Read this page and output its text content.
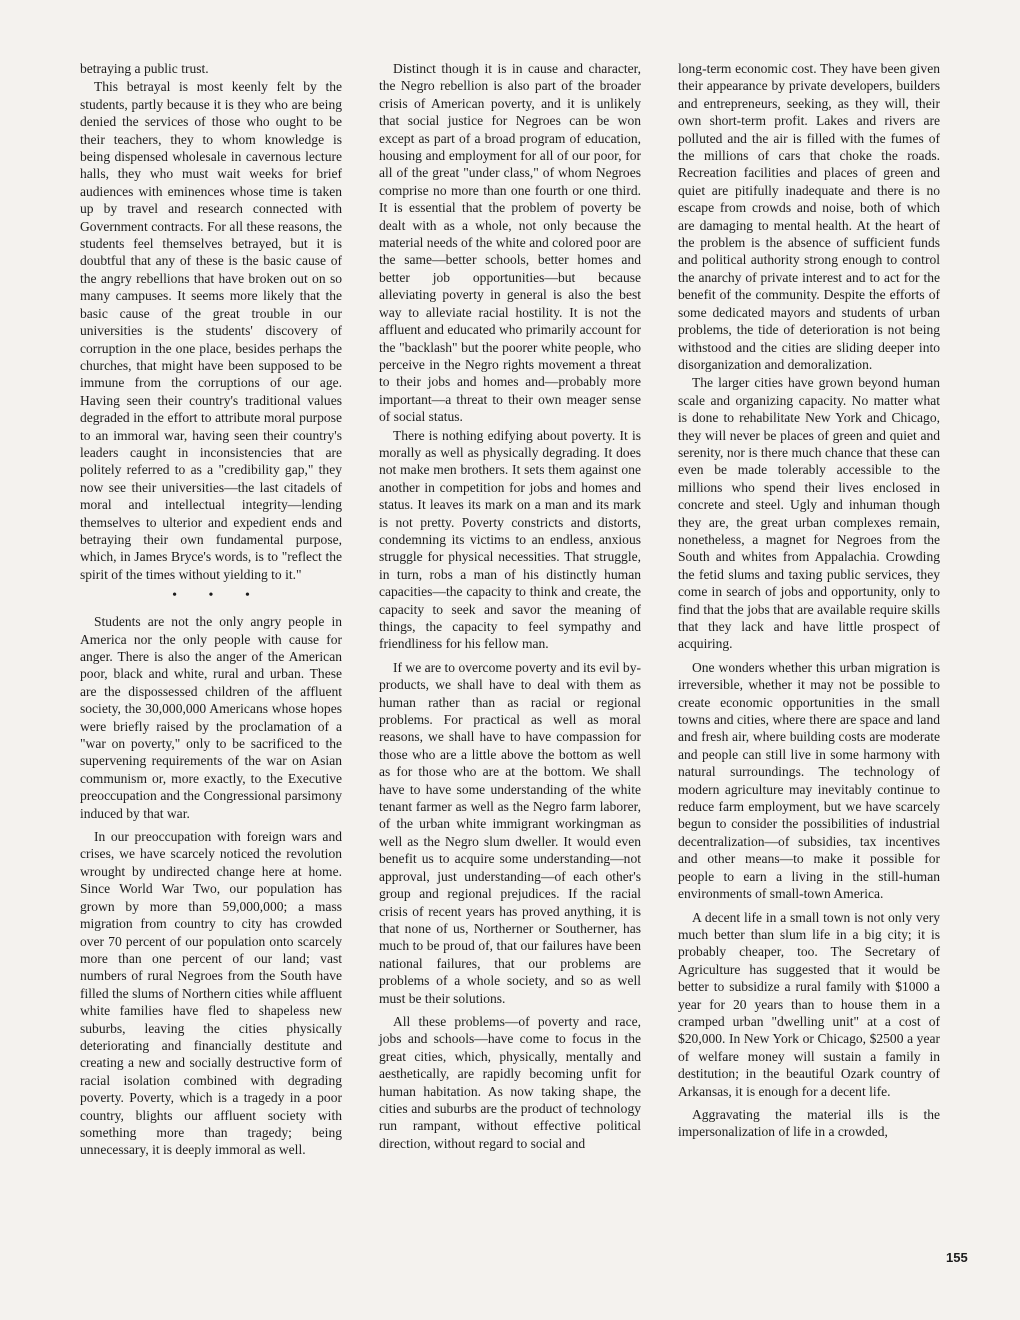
betraying a public trust.

This betrayal is most keenly felt by the students, partly because it is they who are being denied the services of those who ought to be their teachers, they to whom knowledge is being dispensed wholesale in cavernous lecture halls, they who must wait weeks for brief audiences with eminences whose time is taken up by travel and research connected with Government contracts. For all these reasons, the students feel themselves betrayed, but it is doubtful that any of these is the basic cause of the angry rebellions that have broken out on so many campuses. It seems more likely that the basic cause of the great trouble in our universities is the students' discovery of corruption in the one place, besides perhaps the churches, that might have been supposed to be immune from the corruptions of our age. Having seen their country's traditional values degraded in the effort to attribute moral purpose to an immoral war, having seen their country's leaders caught in inconsistencies that are politely referred to as a "credibility gap," they now see their universities—the last citadels of moral and intellectual integrity—lending themselves to ulterior and expedient ends and betraying their own fundamental purpose, which, in James Bryce's words, is to "reflect the spirit of the times without yielding to it."

• • •

Students are not the only angry people in America nor the only people with cause for anger. There is also the anger of the American poor, black and white, rural and urban. These are the dispossessed children of the affluent society, the 30,000,000 Americans whose hopes were briefly raised by the proclamation of a "war on poverty," only to be sacrificed to the supervening requirements of the war on Asian communism or, more exactly, to the Executive preoccupation and the Congressional parsimony induced by that war.

In our preoccupation with foreign wars and crises, we have scarcely noticed the revolution wrought by undirected change here at home. Since World War Two, our population has grown by more than 59,000,000; a mass migration from country to city has crowded over 70 percent of our population onto scarcely more than one percent of our land; vast numbers of rural Negroes from the South have filled the slums of Northern cities while affluent white families have fled to shapeless new suburbs, leaving the cities physically deteriorating and financially destitute and creating a new and socially destructive form of racial isolation combined with degrading poverty. Poverty, which is a tragedy in a poor country, blights our affluent society with something more than tragedy; being unnecessary, it is deeply immoral as well.

Distinct though it is in cause and character, the Negro rebellion is also part of the broader crisis of American poverty, and it is unlikely that social justice for Negroes can be won except as part of a broad program of education, housing and employment for all of our poor, for all of the great "under class," of whom Negroes comprise no more than one fourth or one third. It is essential that the problem of poverty be dealt with as a whole, not only because the material needs of the white and colored poor are the same—better schools, better homes and better job opportunities—but because alleviating poverty in general is also the best way to alleviate racial hostility. It is not the affluent and educated who primarily account for the "backlash" but the poorer white people, who perceive in the Negro rights movement a threat to their jobs and homes and—probably more important—a threat to their own meager sense of social status.

There is nothing edifying about poverty. It is morally as well as physically degrading. It does not make men brothers. It sets them against one another in competition for jobs and homes and status. It leaves its mark on a man and its mark is not pretty. Poverty constricts and distorts, condemning its victims to an endless, anxious struggle for physical necessities. That struggle, in turn, robs a man of his distinctly human capacities—the capacity to think and create, the capacity to seek and savor the meaning of things, the capacity to feel sympathy and friendliness for his fellow man.

If we are to overcome poverty and its evil by-products, we shall have to deal with them as human rather than as racial or regional problems. For practical as well as moral reasons, we shall have to have compassion for those who are a little above the bottom as well as for those who are at the bottom. We shall have to have some understanding of the white tenant farmer as well as the Negro farm laborer, of the urban white immigrant workingman as well as the Negro slum dweller. It would even benefit us to acquire some understanding—not approval, just understanding—of each other's group and regional prejudices. If the racial crisis of recent years has proved anything, it is that none of us, Northerner or Southerner, has much to be proud of, that our failures have been national failures, that our problems are problems of a whole society, and so as well must be their solutions.

All these problems—of poverty and race, jobs and schools—have come to focus in the great cities, which, physically, mentally and aesthetically, are rapidly becoming unfit for human habitation. As now taking shape, the cities and suburbs are the product of technology run rampant, without effective political direction, without regard to social and

long-term economic cost. They have been given their appearance by private developers, builders and entrepreneurs, seeking, as they will, their own short-term profit. Lakes and rivers are polluted and the air is filled with the fumes of the millions of cars that choke the roads. Recreation facilities and places of green and quiet are pitifully inadequate and there is no escape from crowds and noise, both of which are damaging to mental health. At the heart of the problem is the absence of sufficient funds and political authority strong enough to control the anarchy of private interest and to act for the benefit of the community. Despite the efforts of some dedicated mayors and students of urban problems, the tide of deterioration is not being withstood and the cities are sliding deeper into disorganization and demoralization.

The larger cities have grown beyond human scale and organizing capacity. No matter what is done to rehabilitate New York and Chicago, they will never be places of green and quiet and serenity, nor is there much chance that these can even be made tolerably accessible to the millions who spend their lives enclosed in concrete and steel. Ugly and inhuman though they are, the great urban complexes remain, nonetheless, a magnet for Negroes from the South and whites from Appalachia. Crowding the fetid slums and taxing public services, they come in search of jobs and opportunity, only to find that the jobs that are available require skills that they lack and have little prospect of acquiring.

One wonders whether this urban migration is irreversible, whether it may not be possible to create economic opportunities in the small towns and cities, where there are space and land and fresh air, where building costs are moderate and people can still live in some harmony with natural surroundings. The technology of modern agriculture may inevitably continue to reduce farm employment, but we have scarcely begun to consider the possibilities of industrial decentralization—of subsidies, tax incentives and other means—to make it possible for people to earn a living in the still-human environments of small-town America.

A decent life in a small town is not only very much better than slum life in a big city; it is probably cheaper, too. The Secretary of Agriculture has suggested that it would be better to subsidize a rural family with $1000 a year for 20 years than to house them in a cramped urban "dwelling unit" at a cost of $20,000. In New York or Chicago, $2500 a year of welfare money will sustain a family in destitution; in the beautiful Ozark country of Arkansas, it is enough for a decent life.

Aggravating the material ills is the impersonalization of life in a crowded,

155
